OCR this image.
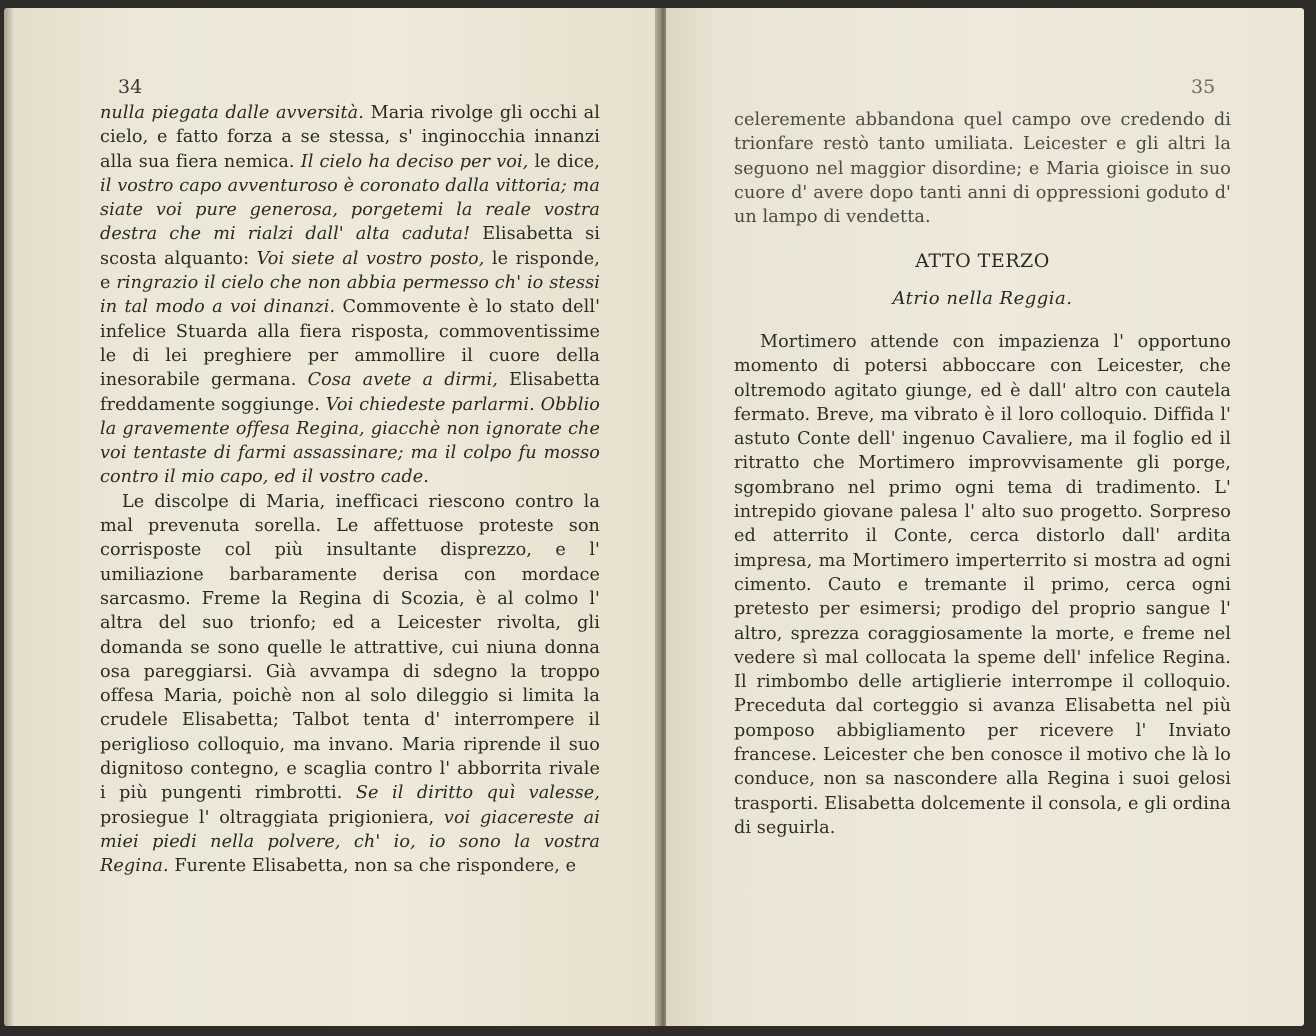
34

nulla piegata dalle avversità. Maria rivolge gli occhi al cielo, e fatto forza a se stessa, s' inginocchia innanzi alla sua fiera nemica. Il cielo ha deciso per voi, le dice, il vostro capo avventuroso è coronato dalla vittoria; ma siate voi pure generosa, porgetemi la reale vostra destra che mi rialzi dall' alta caduta! Elisabetta si scosta alquanto: Voi siete al vostro posto, le risponde, e ringrazio il cielo che non abbia permesso ch' io stessi in tal modo a voi dinanzi. Commovente è lo stato dell' infelice Stuarda alla fiera risposta, commoventissime le di lei preghiere per ammollire il cuore della inesorabile germana. Cosa avete a dirmi, Elisabetta freddamente soggiunge. Voi chiedeste parlarmi. Obblio la gravemente offesa Regina, giacchè non ignorate che voi tentaste di farmi assassinare; ma il colpo fu mosso contro il mio capo, ed il vostro cade.

Le discolpe di Maria, inefficaci riescono contro la mal prevenuta sorella. Le affettuose proteste son corrisposte col più insultante disprezzo, e l' umiliazione barbaramente derisa con mordace sarcasmo. Freme la Regina di Scozia, è al colmo l' altra del suo trionfo; ed a Leicester rivolta, gli domanda se sono quelle le attrattive, cui niuna donna osa pareggiarsi. Già avvampa di sdegno la troppo offesa Maria, poichè non al solo dileggio si limita la crudele Elisabetta; Talbot tenta d' interrompere il periglioso colloquio, ma invano. Maria riprende il suo dignitoso contegno, e scaglia contro l' abborrita rivale i più pungenti rimbrotti. Se il diritto quì valesse, prosiegue l' oltraggiata prigioniera, voi giacereste ai miei piedi nella polvere, ch' io, io sono la vostra Regina. Furente Elisabetta, non sa che rispondere, e

35

celeremente abbandona quel campo ove credendo di trionfare restò tanto umiliata. Leicester e gli altri la seguono nel maggior disordine; e Maria gioisce in suo cuore d' avere dopo tanti anni di oppressioni goduto d' un lampo di vendetta.

ATTO TERZO
Atrio nella Reggia.

Mortimero attende con impazienza l' opportuno momento di potersi abboccare con Leicester, che oltremodo agitato giunge, ed è dall' altro con cautela fermato. Breve, ma vibrato è il loro colloquio. Diffida l' astuto Conte dell' ingenuo Cavaliere, ma il foglio ed il ritratto che Mortimero improvvisamente gli porge, sgombrano nel primo ogni tema di tradimento. L' intrepido giovane palesa l' alto suo progetto. Sorpreso ed atterrito il Conte, cerca distorlo dall' ardita impresa, ma Mortimero imperterrito si mostra ad ogni cimento. Cauto e tremante il primo, cerca ogni pretesto per esimersi; prodigo del proprio sangue l' altro, sprezza coraggiosamente la morte, e freme nel vedere sì mal collocata la speme dell' infelice Regina. Il rimbombo delle artiglierie interrompe il colloquio. Preceduta dal corteggio si avanza Elisabetta nel più pomposo abbigliamento per ricevere l' Inviato francese. Leicester che ben conosce il motivo che là lo conduce, non sa nascondere alla Regina i suoi gelosi trasporti. Elisabetta dolcemente il consola, e gli ordina di seguirla.
